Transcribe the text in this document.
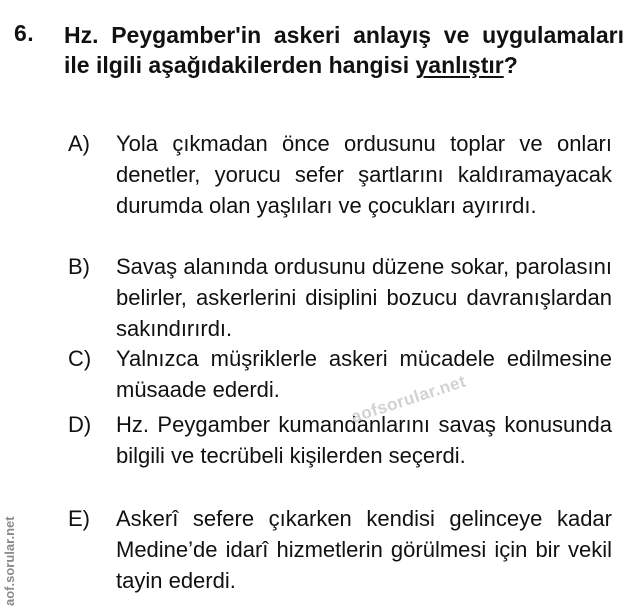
6. Hz. Peygamber'in askeri anlayış ve uygulamaları ile ilgili aşağıdakilerden hangisi yanlıştır?
A)	Yola çıkmadan önce ordusunu toplar ve onları denetler, yorucu sefer şartlarını kaldıramayacak durumda olan yaşlıları ve çocukları ayırırdı.
B)	Savaş alanında ordusunu düzene sokar, parolasını belirler, askerlerini disiplini bozucu davranışlardan sakındırırdı.
C)	Yalnızca müşriklerle askeri mücadele edilmesine müsaade ederdi.
D)	Hz. Peygamber kumandanlarını savaş konusunda bilgili ve tecrübeli kişilerden seçerdi.
E)	Askerî sefere çıkarken kendisi gelinceye kadar Medine’de idarî hizmetlerin görülmesi için bir vekil tayin ederdi.
aofsorular.net
aof.sorular.net
